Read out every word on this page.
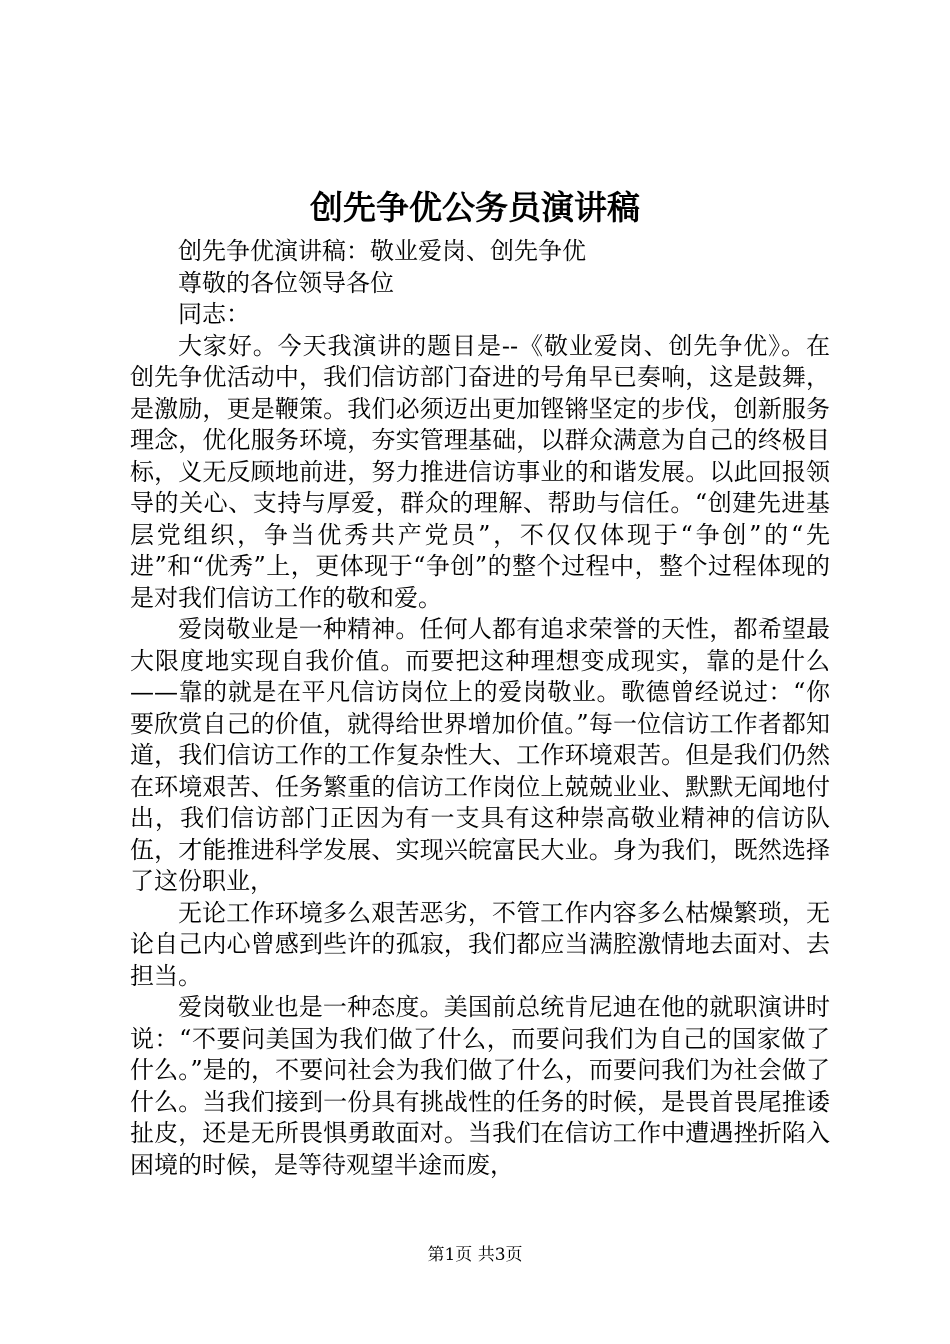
创先争优公务员演讲稿

创先争优演讲稿：敬业爱岗、创先争优

尊敬的各位领导各位

同志：

大家好。今天我演讲的题目是--《敬业爱岗、创先争优》。在创先争优活动中，我们信访部门奋进的号角早已奏响，这是鼓舞，是激励，更是鞭策。我们必须迈出更加铿锵坚定的步伐，创新服务理念，优化服务环境，夯实管理基础，以群众满意为自己的终极目标，义无反顾地前进，努力推进信访事业的和谐发展。以此回报领导的关心、支持与厚爱，群众的理解、帮助与信任。“创建先进基层党组织，争当优秀共产党员”，不仅仅体现于“争创”的“先进”和“优秀”上，更体现于“争创”的整个过程中，整个过程体现的是对我们信访工作的敬和爱。

爱岗敬业是一种精神。任何人都有追求荣誉的天性，都希望最大限度地实现自我价值。而要把这种理想变成现实，靠的是什么——靠的就是在平凡信访岗位上的爱岗敬业。歌德曾经说过：“你要欣赏自己的价值，就得给世界增加价值。”每一位信访工作者都知道，我们信访工作的工作复杂性大、工作环境艰苦。但是我们仍然在环境艰苦、任务繁重的信访工作岗位上兢兢业业、默默无闻地付出，我们信访部门正因为有一支具有这种崇高敬业精神的信访队伍，才能推进科学发展、实现兴皖富民大业。身为我们，既然选择了这份职业，

无论工作环境多么艰苦恶劣，不管工作内容多么枯燥繁琐，无论自己内心曾感到些许的孤寂，我们都应当满腔激情地去面对、去担当。

爱岗敬业也是一种态度。美国前总统肯尼迪在他的就职演讲时说：“不要问美国为我们做了什么，而要问我们为自己的国家做了什么。”是的，不要问社会为我们做了什么，而要问我们为社会做了什么。当我们接到一份具有挑战性的任务的时候，是畏首畏尾推诿扯皮，还是无所畏惧勇敢面对。当我们在信访工作中遭遇挫折陷入困境的时候，是等待观望半途而废，

第1页 共3页
